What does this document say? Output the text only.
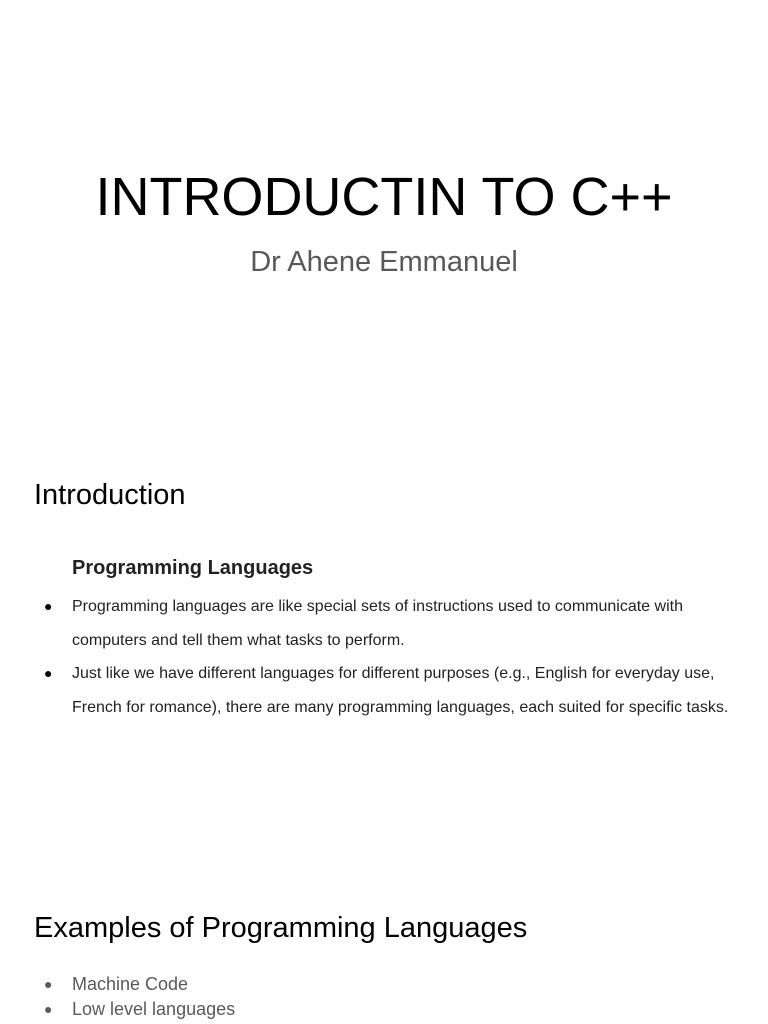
INTRODUCTIN TO C++
Dr Ahene Emmanuel
Introduction
Programming Languages
● Programming languages are like special sets of instructions used to communicate with computers and tell them what tasks to perform.
● Just like we have different languages for different purposes (e.g., English for everyday use, French for romance), there are many programming languages, each suited for specific tasks.
Examples of Programming Languages
● Machine Code
● Low level languages
